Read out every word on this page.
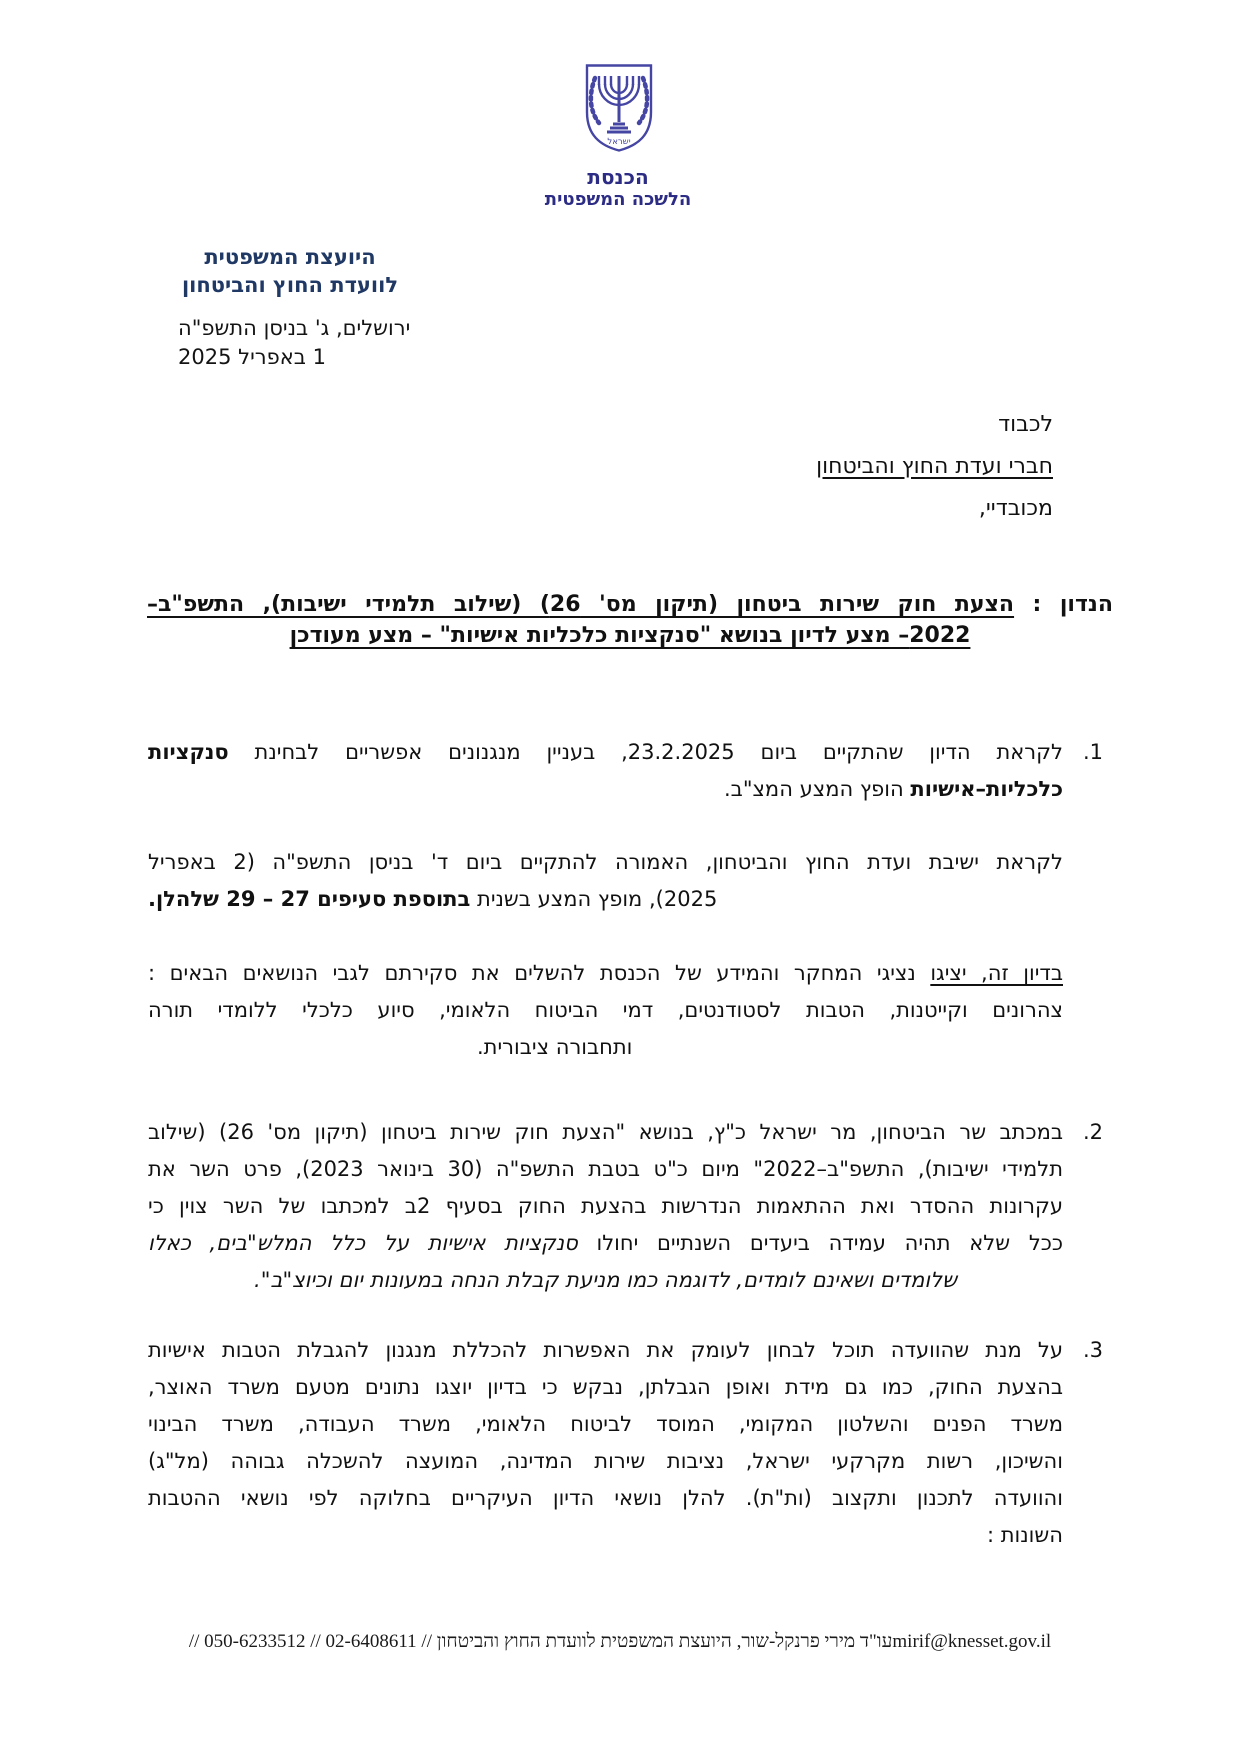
ישראל
הכנסת
הלשכה המשפטית
היועצת המשפטית
לוועדת החוץ והביטחון
ירושלים, ג' בניסן התשפ"ה
1 באפריל 2025
לכבוד
חברי ועדת החוץ והביטחון
מכובדיי,
הנדון : הצעת חוק שירות ביטחון (תיקון מס' 26) (שילוב תלמידי ישיבות), התשפ"ב–
2022– מצע לדיון בנושא "סנקציות כלכליות אישיות" – מצע מעודכן
1.
לקראת הדיון שהתקיים ביום 23.2.2025, בעניין מנגנונים אפשריים לבחינת סנקציות
כלכליות–אישיות הופץ המצע המצ"ב.
לקראת ישיבת ועדת החוץ והביטחון, האמורה להתקיים ביום ד' בניסן התשפ"ה (2 באפריל
2025), מופץ המצע בשנית בתוספת סעיפים 27 – 29 שלהלן.
בדיון זה, יציגו נציגי המחקר והמידע של הכנסת להשלים את סקירתם לגבי הנושאים הבאים :
צהרונים וקייטנות, הטבות לסטודנטים, דמי הביטוח הלאומי, סיוע כלכלי ללומדי תורה
ותחבורה ציבורית.
2.
במכתב שר הביטחון, מר ישראל כ"ץ, בנושא "הצעת חוק שירות ביטחון (תיקון מס' 26) (שילוב
תלמידי ישיבות), התשפ"ב–2022" מיום כ"ט בטבת התשפ"ה (30 בינואר 2023), פרט השר את
עקרונות ההסדר ואת ההתאמות הנדרשות בהצעת החוק בסעיף 2ב למכתבו של השר צוין כי
ככל שלא תהיה עמידה ביעדים השנתיים יחולו סנקציות אישיות על כלל המלש"בים, כאלו
שלומדים ושאינם לומדים, לדוגמה כמו מניעת קבלת הנחה במעונות יום וכיוצ"ב".
3.
על מנת שהוועדה תוכל לבחון לעומק את האפשרות להכללת מנגנון להגבלת הטבות אישיות
בהצעת החוק, כמו גם מידת ואופן הגבלתן, נבקש כי בדיון יוצגו נתונים מטעם משרד האוצר,
משרד הפנים והשלטון המקומי, המוסד לביטוח הלאומי, משרד העבודה, משרד הבינוי
והשיכון, רשות מקרקעי ישראל, נציבות שירות המדינה, המועצה להשכלה גבוהה (מל"ג)
והוועדה לתכנון ותקצוב (ות"ת). להלן נושאי הדיון העיקריים בחלוקה לפי נושאי ההטבות
השונות :
mirif@knesset.gov.ilעו"ד מירי פרנקל-שור, היועצת המשפטית לוועדת החוץ והביטחון // 02-6408611 // 050-6233512 //
